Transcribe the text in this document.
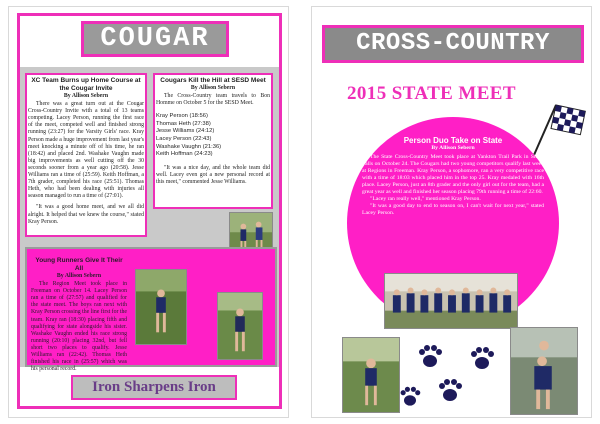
COUGAR
XC Team Burns up Home Course at the Cougar Invite
By Allison Sebern
There was a great turn out at the Cougar Cross-Country Invite with a total of 13 teams competing. Lacey Person, running the first race of the meet, competed well and finished strong running (23:27) for the Varsity Girls' race. Kray Person made a huge improvement from last year's meet knocking a minute off of his time, he ran (18:42) and placed 2nd. Washake Vaughn made big improvements as well cutting off the 30 seconds sooner from a year ago (20:58). Jesse Williams ran a time of (25:59). Keith Hoffman, a 7th grader, completed his race (25:51). Thomas Heth, who had been dealing with injuries all season managed to run a time of (27:01).
"It was a good home meet, and we all did alright. It helped that we knew the course," stated Kray Person.
Cougars Kill the Hill at SESD Meet
By Allison Sebern
The Cross-Country team travels to Bon Homme on October 5 for the SESD Meet.
Kray Person (18:56)
Thomas Heth (27:38)
Jesse Williams (24:12)
Lacey Person (22:43)
Washake Vaughn (21:36)
Keith Hoffman (24:23)
"It was a nice day, and the whole team did well. Lacey even got a new personal record at this meet," commented Jesse Williams.
Young Runners Give It Their All
By Allison Sebern
The Region Meet took place in Freeman on October 14. Lacey Person ran a time of (27:57) and qualified for the state meet. The boys ran next with Kray Person crossing the line first for the team. Kray ran (18:30) placing fifth and qualifying for state alongside his sister. Washake Vaughn ended his race strong running (20:10) placing 32nd, but fell short two places to qualify. Jesse Williams ran (22:42). Thomas Heth finished his race in (25:57) which was his personal record.
Iron Sharpens Iron
CROSS-COUNTRY
2015 STATE MEET
Person Duo Take on State
By Allison Sebern
The State Cross-Country Meet took place at Yankton Trail Park in Sioux Falls on October 24. The Cougars had two young competitors qualify last week at Regions in Freeman. Kray Person, a sophomore, ran a very competitive race with a time of 18:03 which placed him in the top 25. Kray medaled with 16th place. Lacey Person, just an 8th grader and the only girl out for the team, had a great year as well and finished her season placing 79th running a time of 22:60.
"Lacey ran really well," mentioned Kray Person.
"It was a good day to end to season on, I can't wait for next year," stated Lacey Person.
